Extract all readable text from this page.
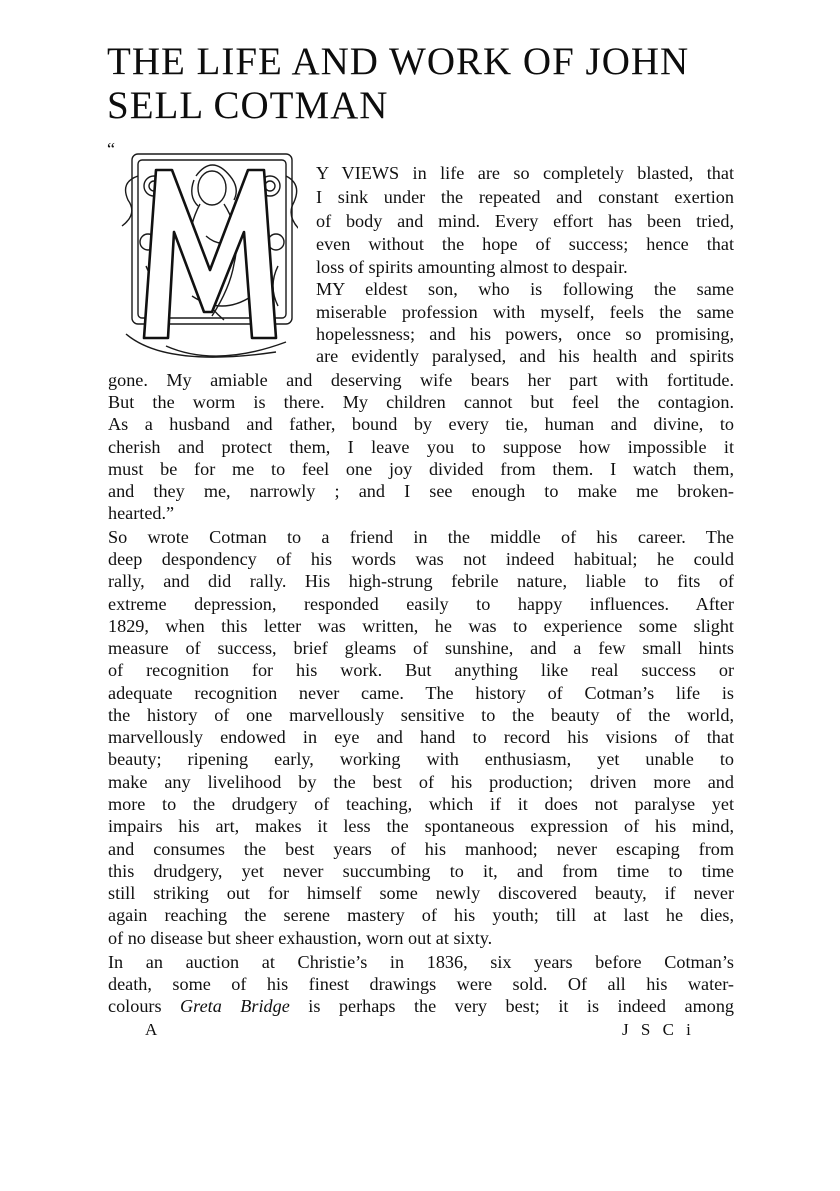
THE LIFE AND WORK OF JOHN SELL COTMAN
“
M
Y VIEWS in life are so completely blasted, that
I sink under the repeated and constant exertion
of body and mind. Every effort has been tried,
even without the hope of success; hence that
loss of spirits amounting almost to despair.
MY eldest son, who is following the same
miserable profession with myself, feels the same
hopelessness; and his powers, once so promising,
are evidently paralysed, and his health and spirits
gone. My amiable and deserving wife bears her part with fortitude.
But the worm is there. My children cannot but feel the contagion.
As a husband and father, bound by every tie, human and divine, to
cherish and protect them, I leave you to suppose how impossible it
must be for me to feel one joy divided from them. I watch them,
and they me, narrowly ; and I see enough to make me broken-
hearted.”
So wrote Cotman to a friend in the middle of his career. The
deep despondency of his words was not indeed habitual; he could
rally, and did rally. His high-strung febrile nature, liable to fits of
extreme depression, responded easily to happy influences. After
1829, when this letter was written, he was to experience some slight
measure of success, brief gleams of sunshine, and a few small hints
of recognition for his work. But anything like real success or
adequate recognition never came. The history of Cotman’s life is
the history of one marvellously sensitive to the beauty of the world,
marvellously endowed in eye and hand to record his visions of that
beauty; ripening early, working with enthusiasm, yet unable to
make any livelihood by the best of his production; driven more and
more to the drudgery of teaching, which if it does not paralyse yet
impairs his art, makes it less the spontaneous expression of his mind,
and consumes the best years of his manhood; never escaping from
this drudgery, yet never succumbing to it, and from time to time
still striking out for himself some newly discovered beauty, if never
again reaching the serene mastery of his youth; till at last he dies,
of no disease but sheer exhaustion, worn out at sixty.
In an auction at Christie’s in 1836, six years before Cotman’s
death, some of his finest drawings were sold. Of all his water-
colours Greta Bridge is perhaps the very best; it is indeed among
A	J S C i
